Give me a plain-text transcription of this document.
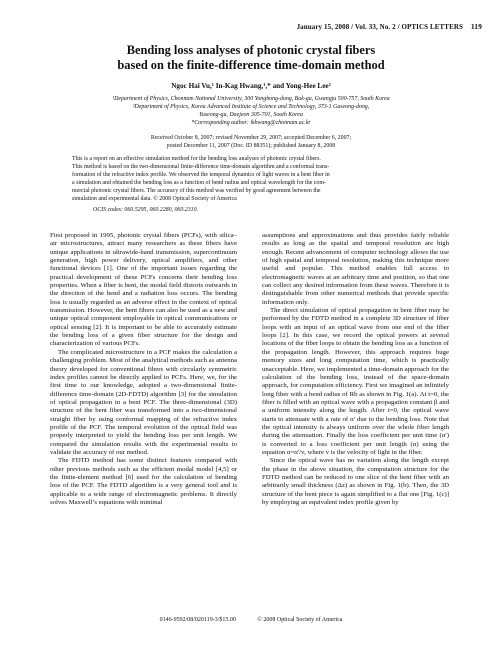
January 15, 2008 / Vol. 33, No. 2 / OPTICS LETTERS 119
Bending loss analyses of photonic crystal fibers
based on the finite-difference time-domain method
Ngoc Hai Vu,¹ In-Kag Hwang,¹,* and Yong-Hee Lee²
¹Department of Physics, Chonnam National University, 300 Yongbong-dong, Buk-gu, Gwangju 500-757, South Korea
²Department of Physics, Korea Advanced Institute of Science and Technology, 373-1 Guseong-dong,
Yuseong-gu, Daejeon 305-701, South Korea
*Corresponding author: ikhwang@chonnam.ac.kr
Received October 8, 2007; revised November 29, 2007; accepted December 6, 2007;
posted December 11, 2007 (Doc. ID 88351); published January 8, 2008
This is a report on an effective simulation method for the bending loss analyses of photonic crystal fibers.
This method is based on the two-dimensional finite-difference time-domain algorithm and a conformal trans-
formation of the refractive index profile. We observed the temporal dynamics of light waves in a bent fiber in
a simulation and obtained the bending loss as a function of bend radius and optical wavelength for the com-
mercial photonic crystal fibers. The accuracy of this method was verified by good agreement between the
simulation and experimental data. © 2008 Optical Society of America
OCIS codes: 060.5295, 060.2280, 060.2310.

First proposed in 1995, photonic crystal fibers (PCFs), with silica–air microstructures, attract many researchers as these fibers have unique applications in ultrawide-band transmission, supercontinuum generation, high power delivery, optical amplifiers, and other functional devices [1]. One of the important issues regarding the practical development of these PCFs concerns their bending loss properties. When a fiber is bent, the modal field distorts outwards in the direction of the bend and a radiation loss occurs. The bending loss is usually regarded as an adverse effect in the context of optical transmission. However, the bent fibers can also be used as a new and unique optical component employable in optical communications or optical sensing [2]. It is important to be able to accurately estimate the bending loss of a given fiber structure for the design and characterization of various PCFs.

The complicated microstructure in a PCF makes the calculation a challenging problem. Most of the analytical methods such as antenna theory developed for conventional fibers with circularly symmetric index profiles cannot be directly applied to PCFs. Here, we, for the first time to our knowledge, adopted a two-dimensional finite-difference time-domain (2D-FDTD) algorithm [3] for the simulation of optical propagation in a bent PCF. The three-dimensional (3D) structure of the bent fiber was transformed into a two-dimensional straight fiber by using conformal mapping of the refractive index profile of the PCF. The temporal evolution of the optical field was properly interpreted to yield the bending loss per unit length. We compared the simulation results with the experimental results to validate the accuracy of our method.

The FDTD method has some distinct features compared with other previous methods such as the efficient modal model [4,5] or the finite-element method [6] used for the calculation of bending loss of the PCF. The FDTD algorithm is a very general tool and is applicable to a wide range of electromagnetic problems. It directly solves Maxwell’s equations with minimal

assumptions and approximations and thus provides fairly reliable results as long as the spatial and temporal resolution are high enough. Recent advancement of computer technology allows the use of high spatial and temporal resolution, making this technique more useful and popular. This method enables full access to electromagnetic waves at an arbitrary time and position, so that one can collect any desired information from these waves. Therefore it is distinguishable from other numerical methods that provide specific information only.

The direct simulation of optical propagation in bent fiber may be performed by the FDTD method in a complete 3D structure of fiber loops with an input of an optical wave from one end of the fiber loops [2]. In this case, we record the optical powers at several locations of the fiber loops to obtain the bending loss as a function of the propagation length. However, this approach requires huge memory sizes and long computation time, which is practically unacceptable. Here, we implemented a time-domain approach for the calculation of the bending loss, instead of the space-domain approach, for computation efficiency. First we imagined an infinitely long fiber with a bend radius of Rb as shown in Fig. 1(a). At t=0, the fiber is filled with an optical wave with a propagation constant β and a uniform intensity along the length. After t=0, the optical wave starts to attenuate with a rate of α′ due to the bending loss. Note that the optical intensity is always uniform over the whole fiber length during the attenuation. Finally the loss coefficient per unit time (α′) is converted to a loss coefficient per unit length (α) using the equation α=α′/v, where v is the velocity of light in the fiber.

Since the optical wave has no variation along the length except the phase in the above situation, the computation structure for the FDTD method can be reduced to one slice of the bent fiber with an arbitrarily small thickness (Δz) as shown in Fig. 1(b). Then, the 3D structure of the bent piece is again simplified to a flat one [Fig. 1(c)] by employing an equivalent index profile given by

0146-9592/08/020119-3/$15.00	© 2008 Optical Society of America
